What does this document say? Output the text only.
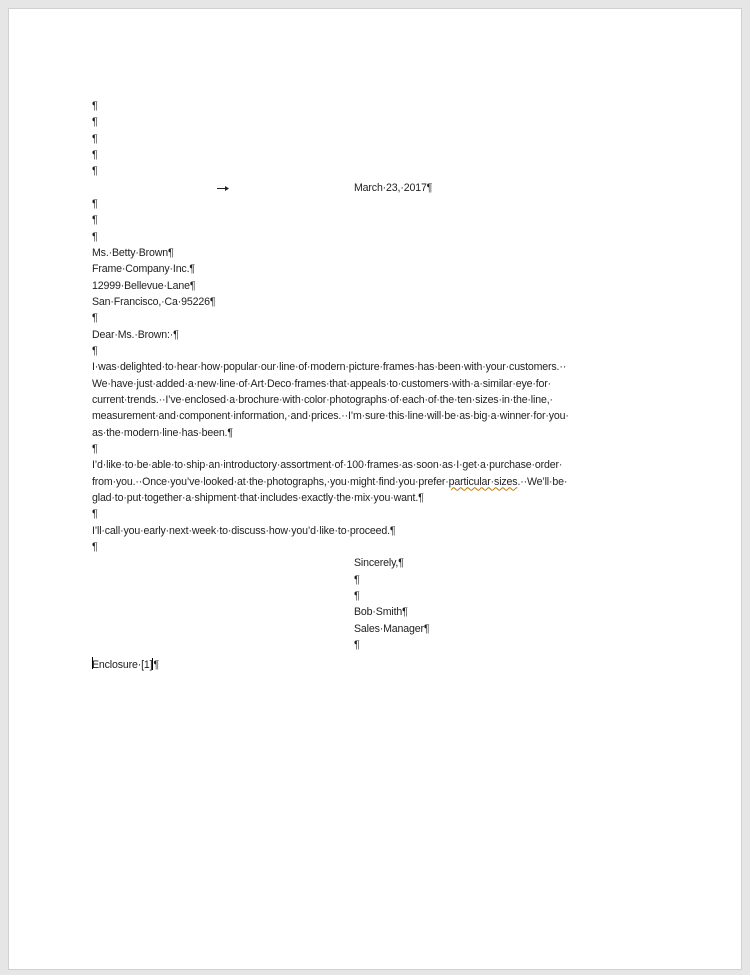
¶
¶
¶
¶
¶
March·23,·2017¶
¶
¶
¶
Ms.·Betty·Brown¶
Frame·Company·Inc.¶
12999·Bellevue·Lane¶
San·Francisco,·Ca·95226¶
¶
Dear·Ms.·Brown:·¶
¶
I·was·delighted·to·hear·how·popular·our·line·of·modern·picture·frames·has·been·with·your·customers.··
We·have·just·added·a·new·line·of·Art·Deco·frames·that·appeals·to·customers·with·a·similar·eye·for·
current·trends.··I’ve·enclosed·a·brochure·with·color·photographs·of·each·of·the·ten·sizes·in·the·line,·
measurement·and·component·information,·and·prices.··I’m·sure·this·line·will·be·as·big·a·winner·for·you·
as·the·modern·line·has·been.¶
¶
I’d·like·to·be·able·to·ship·an·introductory·assortment·of·100·frames·as·soon·as·I·get·a·purchase·order·
from·you.··Once·you’ve·looked·at·the·photographs,·you·might·find·you·prefer·particular·sizes.··We’ll·be·
glad·to·put·together·a·shipment·that·includes·exactly·the·mix·you·want.¶
¶
I’ll·call·you·early·next·week·to·discuss·how·you’d·like·to·proceed.¶
¶
Sincerely,¶
¶
¶
Bob·Smith¶
Sales·Manager¶
¶
Enclosure·[1]¶
